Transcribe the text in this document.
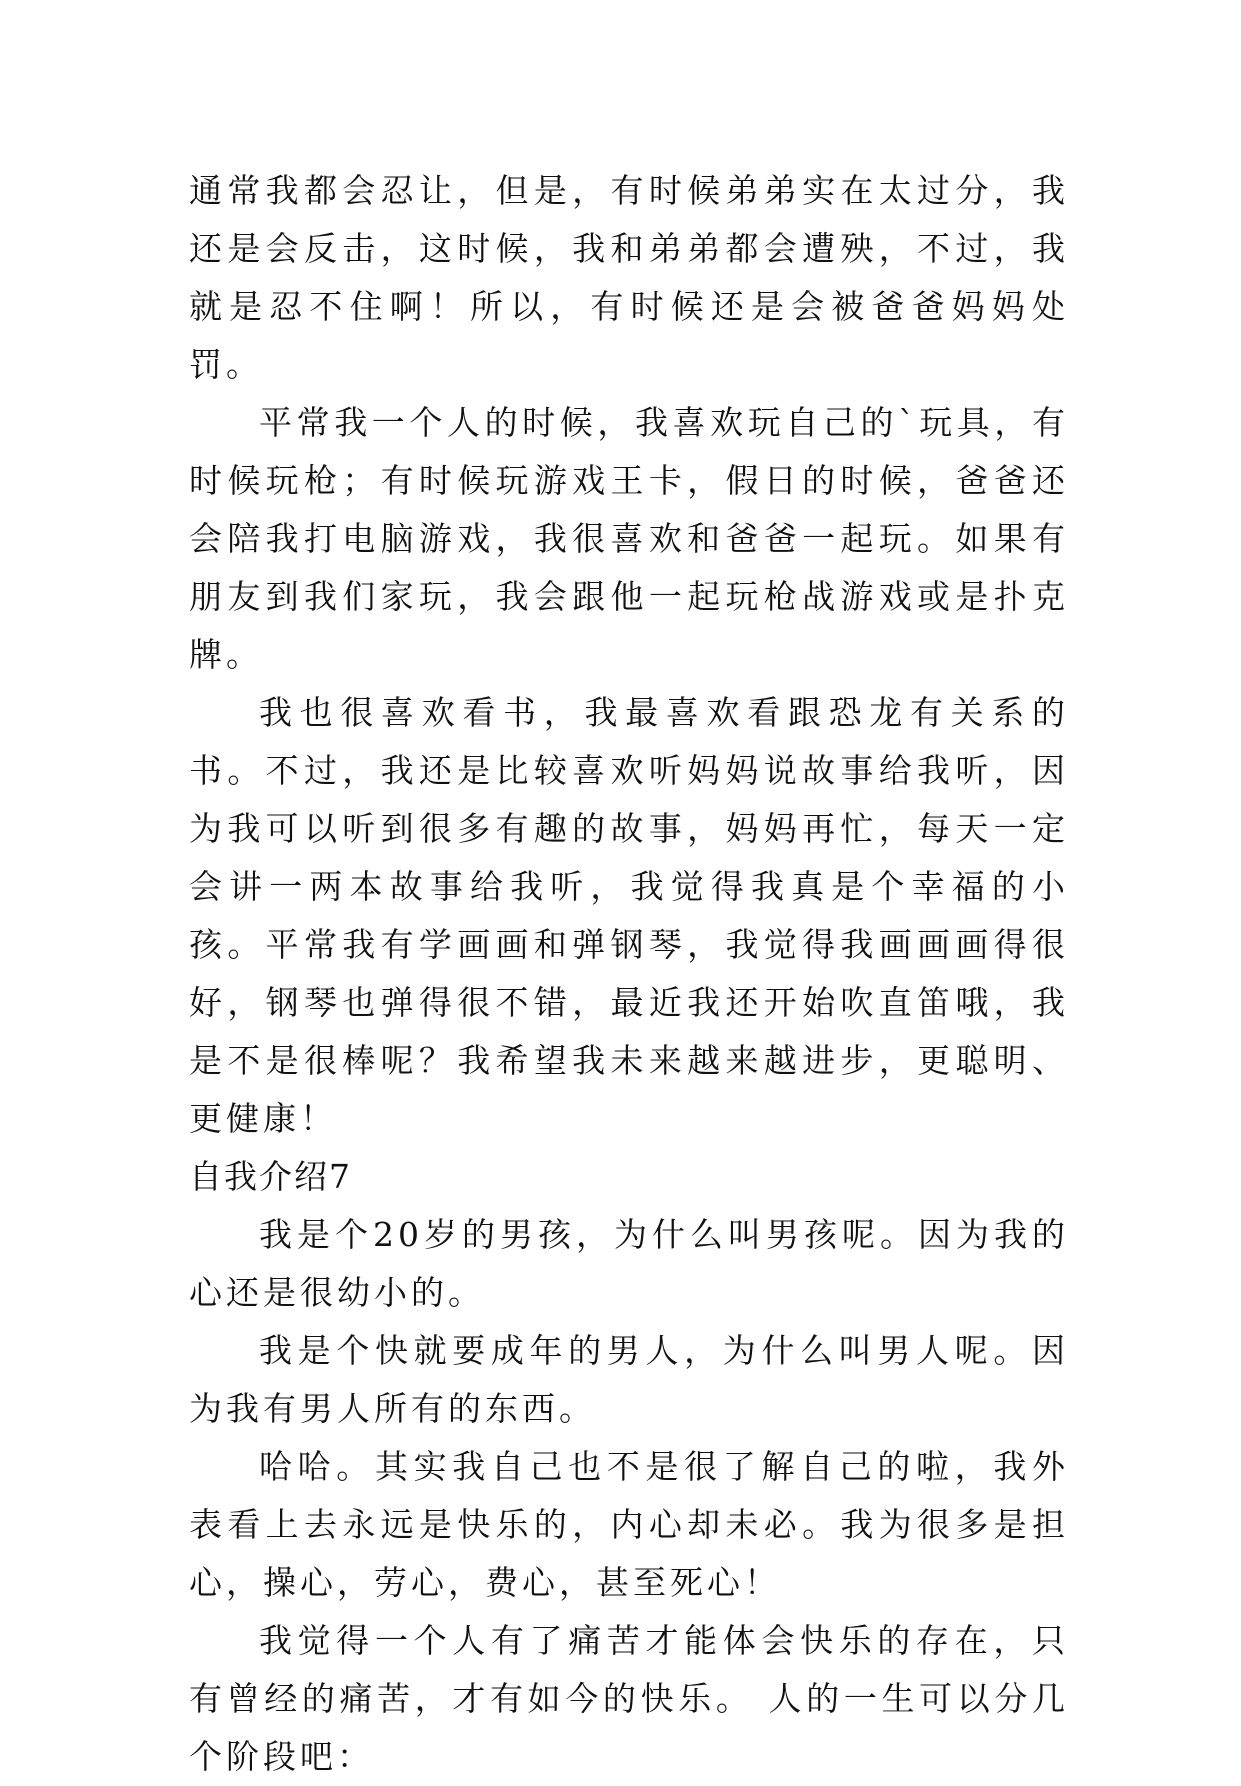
通常我都会忍让，但是，有时候弟弟实在太过分，我还是会反击，这时候，我和弟弟都会遭殃，不过，我就是忍不住啊！所以，有时候还是会被爸爸妈妈处罚。

平常我一个人的时候，我喜欢玩自己的`玩具，有时候玩枪；有时候玩游戏王卡，假日的时候，爸爸还会陪我打电脑游戏，我很喜欢和爸爸一起玩。如果有朋友到我们家玩，我会跟他一起玩枪战游戏或是扑克牌。

我也很喜欢看书，我最喜欢看跟恐龙有关系的书。不过，我还是比较喜欢听妈妈说故事给我听，因为我可以听到很多有趣的故事，妈妈再忙，每天一定会讲一两本故事给我听，我觉得我真是个幸福的小孩。平常我有学画画和弹钢琴，我觉得我画画画得很好，钢琴也弹得很不错，最近我还开始吹直笛哦，我是不是很棒呢？我希望我未来越来越进步，更聪明、更健康！

自我介绍7

我是个20岁的男孩，为什么叫男孩呢。因为我的心还是很幼小的。

我是个快就要成年的男人，为什么叫男人呢。因为我有男人所有的东西。

哈哈。其实我自己也不是很了解自己的啦，我外表看上去永远是快乐的，内心却未必。我为很多是担心，操心，劳心，费心，甚至死心！

我觉得一个人有了痛苦才能体会快乐的存在，只有曾经的痛苦，才有如今的快乐。 人的一生可以分几个阶段吧：
